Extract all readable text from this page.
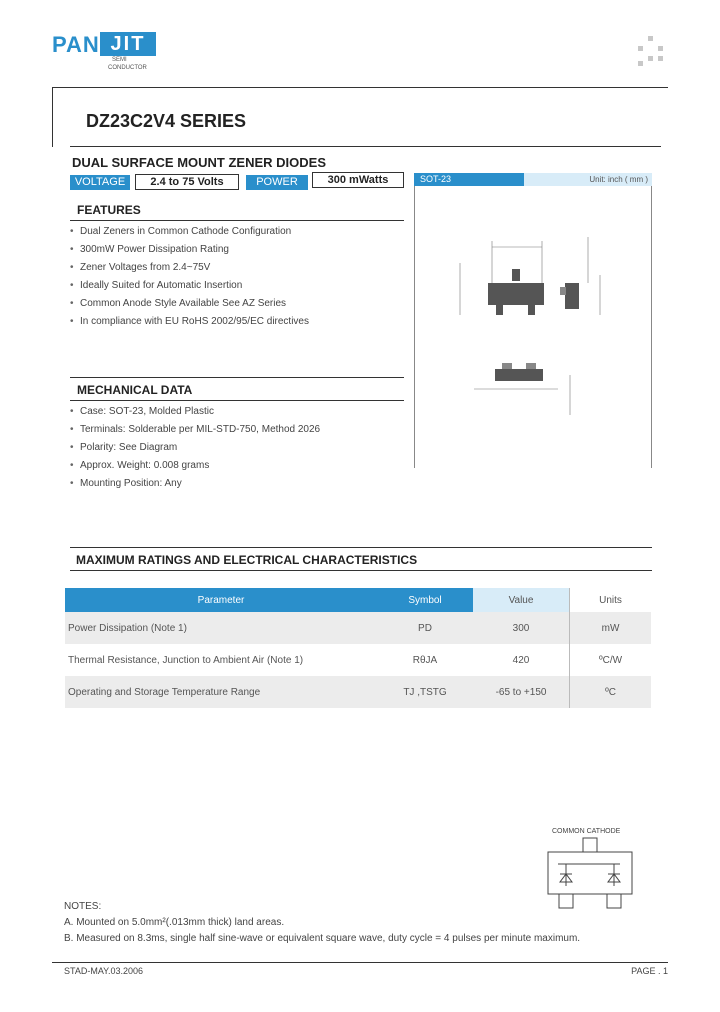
PAN JIT
SEMI
CONDUCTOR
DZ23C2V4 SERIES
DUAL SURFACE MOUNT ZENER DIODES
VOLTAGE	2.4 to 75 Volts	POWER	300 mWatts	SOT-23	Unit: inch ( mm )
FEATURES
• Dual Zeners in Common Cathode Configuration
• 300mW Power Dissipation Rating
• Zener Voltages from 2.4~75V
• Ideally Suited for Automatic Insertion
• Common Anode Style Available See AZ Series
• In compliance with EU RoHS 2002/95/EC directives
MECHANICAL DATA
• Case: SOT-23, Molded Plastic
• Terminals: Solderable per MIL-STD-750, Method 2026
• Polarity: See Diagram
• Approx. Weight: 0.008 grams
• Mounting Position: Any
MAXIMUM RATINGS AND ELECTRICAL CHARACTERISTICS
Parameter	Symbol	Value	Units
Power Dissipation (Note 1)	PD	300	mW
Thermal Resistance, Junction to Ambient Air (Note 1)	RθJA	420	ºC/W
Operating and Storage Temperature Range	TJ ,TSTG	-65 to +150	ºC
COMMON CATHODE
NOTES:
A. Mounted on 5.0mm²(.013mm thick) land areas.
B. Measured on 8.3ms, single half sine-wave or equivalent square wave, duty cycle = 4 pulses per minute maximum.
STAD-MAY.03.2006	PAGE . 1
